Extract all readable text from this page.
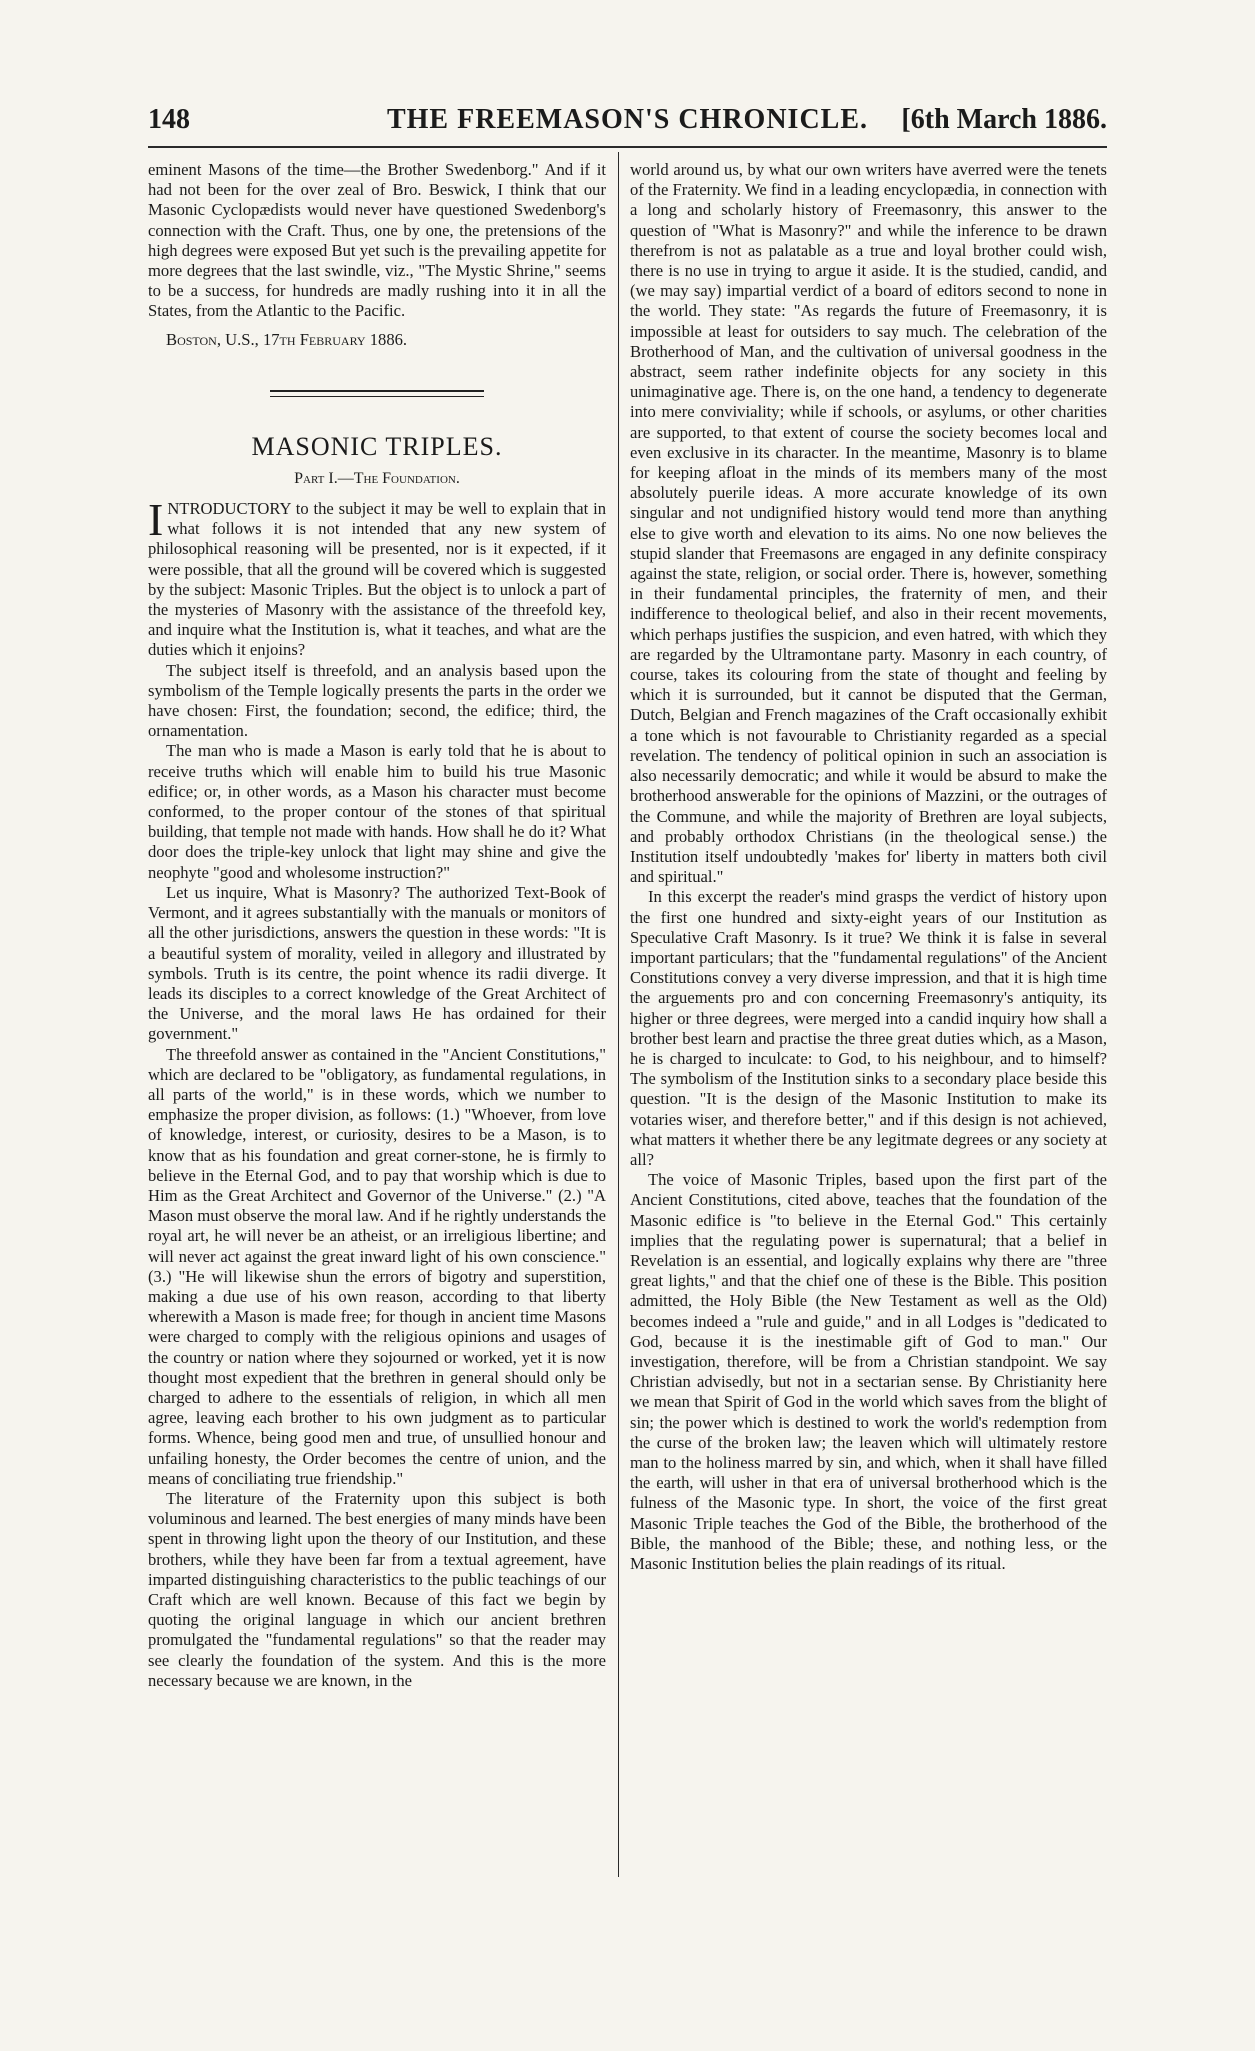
148	THE FREEMASON'S CHRONICLE.	[6th March 1886.

eminent Masons of the time—the Brother Swedenborg." And if it had not been for the over zeal of Bro. Beswick, I think that our Masonic Cyclopædists would never have questioned Swedenborg's connection with the Craft. Thus, one by one, the pretensions of the high degrees were exposed But yet such is the prevailing appetite for more degrees that the last swindle, viz., "The Mystic Shrine," seems to be a success, for hundreds are madly rushing into it in all the States, from the Atlantic to the Pacific.

Boston, U.S., 17th February 1886.

MASONIC TRIPLES.

Part I.—The Foundation.

INTRODUCTORY to the subject it may be well to explain that in what follows it is not intended that any new system of philosophical reasoning will be presented, nor is it expected, if it were possible, that all the ground will be covered which is suggested by the subject: Masonic Triples. But the object is to unlock a part of the mysteries of Masonry with the assistance of the threefold key, and inquire what the Institution is, what it teaches, and what are the duties which it enjoins?

The subject itself is threefold, and an analysis based upon the symbolism of the Temple logically presents the parts in the order we have chosen: First, the foundation; second, the edifice; third, the ornamentation.

The man who is made a Mason is early told that he is about to receive truths which will enable him to build his true Masonic edifice; or, in other words, as a Mason his character must become conformed, to the proper contour of the stones of that spiritual building, that temple not made with hands. How shall he do it? What door does the triple-key unlock that light may shine and give the neophyte "good and wholesome instruction?"

Let us inquire, What is Masonry? The authorized Text-Book of Vermont, and it agrees substantially with the manuals or monitors of all the other jurisdictions, answers the question in these words: "It is a beautiful system of morality, veiled in allegory and illustrated by symbols. Truth is its centre, the point whence its radii diverge. It leads its disciples to a correct knowledge of the Great Architect of the Universe, and the moral laws He has ordained for their government."

The threefold answer as contained in the "Ancient Constitutions," which are declared to be "obligatory, as fundamental regulations, in all parts of the world," is in these words, which we number to emphasize the proper division, as follows: (1.) "Whoever, from love of knowledge, interest, or curiosity, desires to be a Mason, is to know that as his foundation and great corner-stone, he is firmly to believe in the Eternal God, and to pay that worship which is due to Him as the Great Architect and Governor of the Universe." (2.) "A Mason must observe the moral law. And if he rightly understands the royal art, he will never be an atheist, or an irreligious libertine; and will never act against the great inward light of his own conscience." (3.) "He will likewise shun the errors of bigotry and superstition, making a due use of his own reason, according to that liberty wherewith a Mason is made free; for though in ancient time Masons were charged to comply with the religious opinions and usages of the country or nation where they sojourned or worked, yet it is now thought most expedient that the brethren in general should only be charged to adhere to the essentials of religion, in which all men agree, leaving each brother to his own judgment as to particular forms. Whence, being good men and true, of unsullied honour and unfailing honesty, the Order becomes the centre of union, and the means of conciliating true friendship."

The literature of the Fraternity upon this subject is both voluminous and learned. The best energies of many minds have been spent in throwing light upon the theory of our Institution, and these brothers, while they have been far from a textual agreement, have imparted distinguishing characteristics to the public teachings of our Craft which are well known. Because of this fact we begin by quoting the original language in which our ancient brethren promulgated the "fundamental regulations" so that the reader may see clearly the foundation of the system. And this is the more necessary because we are known, in the

world around us, by what our own writers have averred were the tenets of the Fraternity. We find in a leading encyclopædia, in connection with a long and scholarly history of Freemasonry, this answer to the question of "What is Masonry?" and while the inference to be drawn therefrom is not as palatable as a true and loyal brother could wish, there is no use in trying to argue it aside. It is the studied, candid, and (we may say) impartial verdict of a board of editors second to none in the world. They state: "As regards the future of Freemasonry, it is impossible at least for outsiders to say much. The celebration of the Brotherhood of Man, and the cultivation of universal goodness in the abstract, seem rather indefinite objects for any society in this unimaginative age. There is, on the one hand, a tendency to degenerate into mere conviviality; while if schools, or asylums, or other charities are supported, to that extent of course the society becomes local and even exclusive in its character. In the meantime, Masonry is to blame for keeping afloat in the minds of its members many of the most absolutely puerile ideas. A more accurate knowledge of its own singular and not undignified history would tend more than anything else to give worth and elevation to its aims. No one now believes the stupid slander that Freemasons are engaged in any definite conspiracy against the state, religion, or social order. There is, however, something in their fundamental principles, the fraternity of men, and their indifference to theological belief, and also in their recent movements, which perhaps justifies the suspicion, and even hatred, with which they are regarded by the Ultramontane party. Masonry in each country, of course, takes its colouring from the state of thought and feeling by which it is surrounded, but it cannot be disputed that the German, Dutch, Belgian and French magazines of the Craft occasionally exhibit a tone which is not favourable to Christianity regarded as a special revelation. The tendency of political opinion in such an association is also necessarily democratic; and while it would be absurd to make the brotherhood answerable for the opinions of Mazzini, or the outrages of the Commune, and while the majority of Brethren are loyal subjects, and probably orthodox Christians (in the theological sense.) the Institution itself undoubtedly 'makes for' liberty in matters both civil and spiritual."

In this excerpt the reader's mind grasps the verdict of history upon the first one hundred and sixty-eight years of our Institution as Speculative Craft Masonry. Is it true? We think it is false in several important particulars; that the "fundamental regulations" of the Ancient Constitutions convey a very diverse impression, and that it is high time the arguements pro and con concerning Freemasonry's antiquity, its higher or three degrees, were merged into a candid inquiry how shall a brother best learn and practise the three great duties which, as a Mason, he is charged to inculcate: to God, to his neighbour, and to himself? The symbolism of the Institution sinks to a secondary place beside this question. "It is the design of the Masonic Institution to make its votaries wiser, and therefore better," and if this design is not achieved, what matters it whether there be any legitmate degrees or any society at all?

The voice of Masonic Triples, based upon the first part of the Ancient Constitutions, cited above, teaches that the foundation of the Masonic edifice is "to believe in the Eternal God." This certainly implies that the regulating power is supernatural; that a belief in Revelation is an essential, and logically explains why there are "three great lights," and that the chief one of these is the Bible. This position admitted, the Holy Bible (the New Testament as well as the Old) becomes indeed a "rule and guide," and in all Lodges is "dedicated to God, because it is the inestimable gift of God to man." Our investigation, therefore, will be from a Christian standpoint. We say Christian advisedly, but not in a sectarian sense. By Christianity here we mean that Spirit of God in the world which saves from the blight of sin; the power which is destined to work the world's redemption from the curse of the broken law; the leaven which will ultimately restore man to the holiness marred by sin, and which, when it shall have filled the earth, will usher in that era of universal brotherhood which is the fulness of the Masonic type. In short, the voice of the first great Masonic Triple teaches the God of the Bible, the brotherhood of the Bible, the manhood of the Bible; these, and nothing less, or the Masonic Institution belies the plain readings of its ritual.
